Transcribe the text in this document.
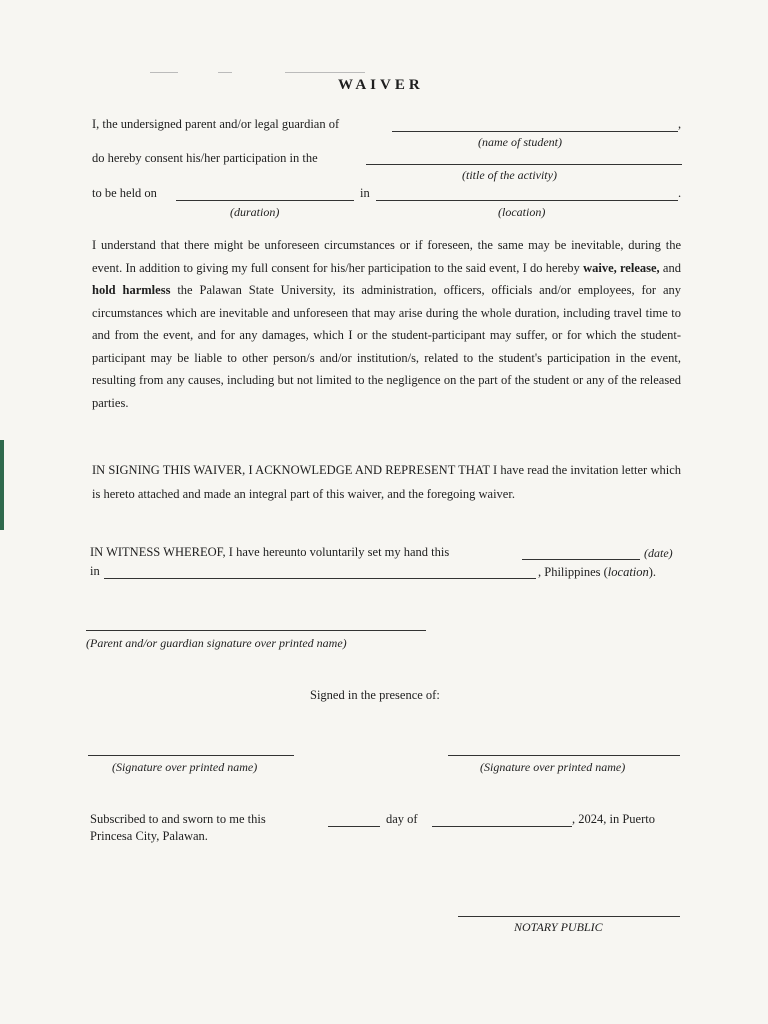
WAIVER
I, the undersigned parent and/or legal guardian of	,
(name of student)
do hereby consent his/her participation in the
(title of the activity)
to be held on	in	.
(duration)	(location)
I understand that there might be unforeseen circumstances or if foreseen, the same may be inevitable, during the event. In addition to giving my full consent for his/her participation to the said event, I do hereby waive, release, and hold harmless the Palawan State University, its administration, officers, officials and/or employees, for any circumstances which are inevitable and unforeseen that may arise during the whole duration, including travel time to and from the event, and for any damages, which I or the student-participant may suffer, or for which the student-participant may be liable to other person/s and/or institution/s, related to the student's participation in the event, resulting from any causes, including but not limited to the negligence on the part of the student or any of the released parties.
IN SIGNING THIS WAIVER, I ACKNOWLEDGE AND REPRESENT THAT I have read the invitation letter which is hereto attached and made an integral part of this waiver, and the foregoing waiver.
IN WITNESS WHEREOF, I have hereunto voluntarily set my hand this	(date)
in	, Philippines (location).
(Parent and/or guardian signature over printed name)
Signed in the presence of:
(Signature over printed name)	(Signature over printed name)
Subscribed to and sworn to me this	day of	, 2024, in Puerto
Princesa City, Palawan.
NOTARY PUBLIC
